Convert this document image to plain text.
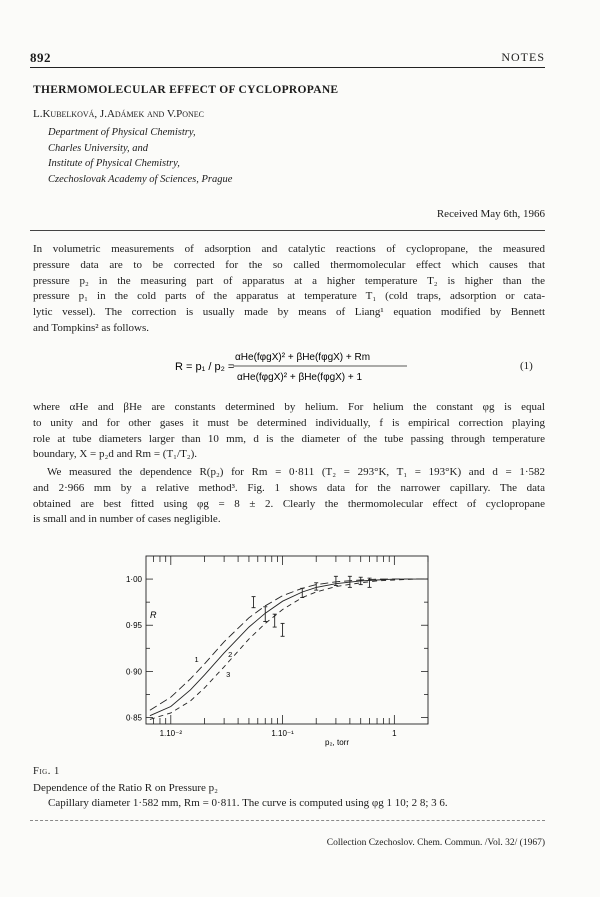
892	NOTES
THERMOMOLECULAR EFFECT OF CYCLOPROPANE
L.Kubelková, J.Adámek and V.Ponec
Department of Physical Chemistry,
Charles University, and
Institute of Physical Chemistry,
Czechoslovak Academy of Sciences, Prague
Received May 6th, 1966
In volumetric measurements of adsorption and catalytic reactions of cyclopropane, the measured
pressure data are to be corrected for the so called thermomolecular effect which causes that
pressure p₂ in the measuring part of apparatus at a higher temperature T₂ is higher than the
pressure p₁ in the cold parts of the apparatus at temperature T₁ (cold traps, adsorption or cata-
lytic vessel). The correction is usually made by means of Liang¹ equation modified by Bennett
and Tompkins² as follows.
R = p₁ / p₂ =
αHe(fφgX)² + βHe(fφgX) + Rm
αHe(fφgX)² + βHe(fφgX) + 1
(1)
where αHe and βHe are constants determined by helium. For helium the constant φg is equal
to unity and for other gases it must be determined individually, f is empirical correction playing
role at tube diameters larger than 10 mm, d is the diameter of the tube passing through temperature
boundary, X = p₂d and Rm = (T₁/T₂).
We measured the dependence R(p₂) for Rm = 0·811 (T₂ = 293°K, T₁ = 193°K) and d = 1·582
and 2·966 mm by a relative method³. Fig. 1 shows data for the narrower capillary. The data
obtained are best fitted using φg = 8 ± 2. Clearly the thermomolecular effect of cyclopropane
is small and in number of cases negligible.
1
2
3
1·00
0·95
0·90
0·85
1.10⁻²	1.10⁻¹	1
R
p₂, torr
Fig. 1
Dependence of the Ratio R on Pressure p₂
Capillary diameter 1·582 mm, Rm = 0·811. The curve is computed using φg 1 10; 2 8; 3 6.
Collection Czechoslov. Chem. Commun. /Vol. 32/ (1967)
